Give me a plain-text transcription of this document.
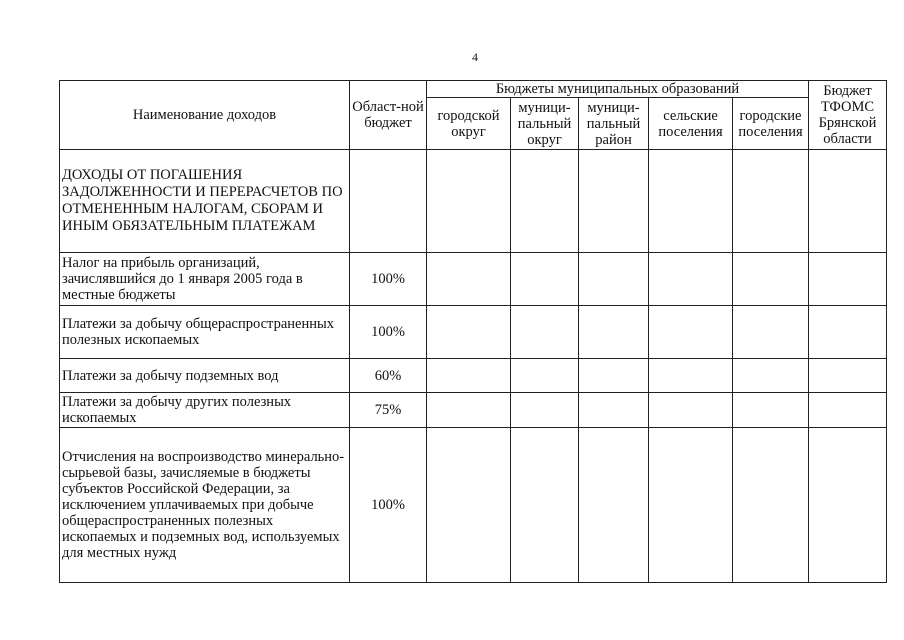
4
Наименование доходов	Област-ной бюджет	Бюджеты муниципальных образований					Бюджет ТФОМС Брянской области
		городской округ	муници-пальный округ	муници-пальный район	сельские поселения	городские поселения	
ДОХОДЫ ОТ ПОГАШЕНИЯ ЗАДОЛЖЕННОСТИ И ПЕРЕРАСЧЕТОВ ПО ОТМЕНЕННЫМ НАЛОГАМ, СБОРАМ И ИНЫМ ОБЯЗАТЕЛЬНЫМ ПЛАТЕЖАМ							
Налог на прибыль организаций, зачислявшийся до 1 января 2005 года в местные бюджеты	100%						
Платежи за добычу общераспространенных полезных ископаемых	100%						
Платежи за добычу подземных вод	60%						
Платежи за добычу других полезных ископаемых	75%						
Отчисления на воспроизводство минерально-сырьевой базы, зачисляемые в бюджеты субъектов Российской Федерации, за исключением уплачиваемых при добыче общераспространенных полезных ископаемых и подземных вод, используемых для местных нужд	100%						
